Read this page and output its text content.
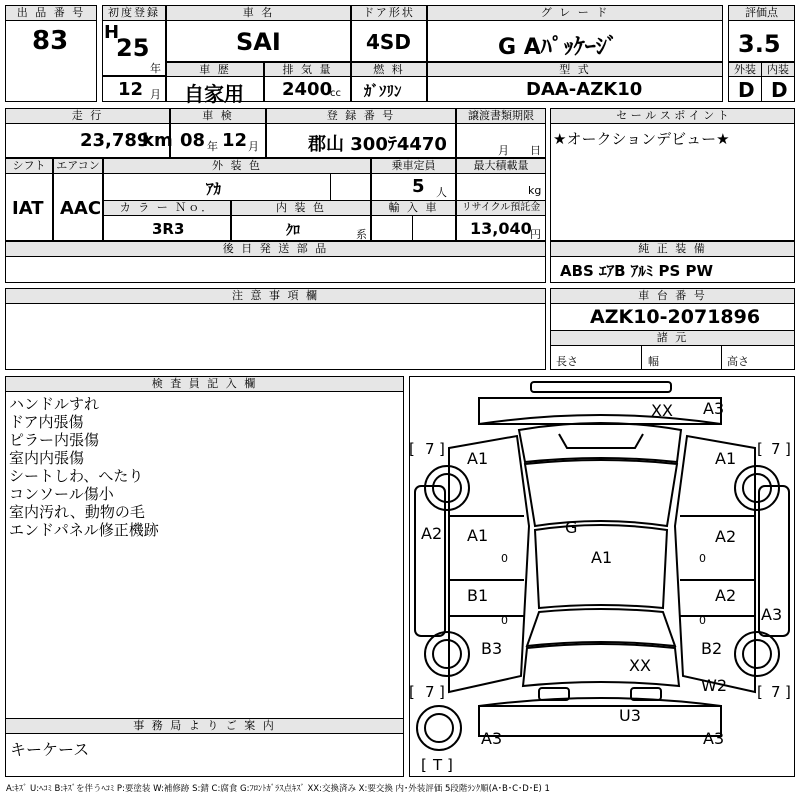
出 品 番 号
83
初度登録
H
25
年
車 名
SAI
ドア形状
4SD
グ レ ー ド
G Aﾊﾟｯｹｰｼﾞ
評価点
3.5
12 月
車 歴
自家用
排 気 量
2400
cc
燃 料
ｶﾞｿﾘﾝ
型 式
DAA-AZK10
外装	内装
D D
走 行
23,789
km
車 検
08 年 12 月
登 録 番 号
郡山 300ﾃ4470
譲渡書類期限
月 日
セ ー ル ス ポ イ ン ト
★オークションデビュー★
シフト
IAT
エアコン
AAC
外 装 色
ｱｶ
乗車定員
5 人
最大積載量
kg
カ ラ ー Ｎｏ．
3R3
内 装 色
ｸﾛ	系
輸 入 車	リサイクル預託金
13,040
円
後 日 発 送 部 品	純 正 装 備
ABS ｴｱB ｱﾙﾐ PS PW
注 意 事 項 欄	車 台 番 号
AZK10-2071896
諸 元
長さ	幅	高さ
検 査 員 記 入 欄
ハンドルすれ
ドア内張傷
ピラー内張傷
室内内張傷
シートしわ、へたり
コンソール傷小
室内汚れ、動物の毛
エンドパネル修正機跡
事 務 局 よ り ご 案 内
キーケース
A3
XX
A1	A1
A2 A1	A2
G
A1
B1	A2
A3
B3	B2
XX
W2
U3
A3	A3
[ 7 ]	[ 7 ]
[ 7 ]	[ 7 ]
[ T ]
0	0
0	0
A:ｷｽﾞ U:ﾍｺﾐ B:ｷｽﾞを伴うﾍｺﾐ P:要塗装 W:補修跡 S:錆 C:腐食 G:ﾌﾛﾝﾄｶﾞﾗｽ点ｷｽﾞ XX:交換済み X:要交換 内･外装評価 5段階ﾗﾝｸ順(A･B･C･D･E) 1
